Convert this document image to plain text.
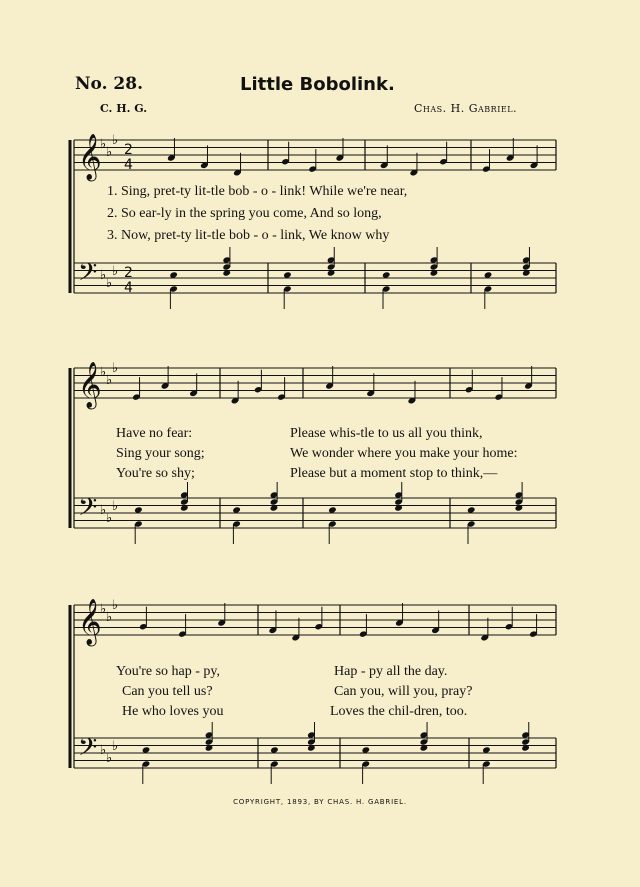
No. 28.	Little Bobolink.
C. H. G.	Chas. H. Gabriel.
𝄞
𝄢
♭
♭
♭
♭
♭
♭
2
4
2
4
𝄞
𝄢
♭
♭
♭
♭
♭
♭
𝄞
𝄢
♭
♭
♭
♭
♭
♭
1. Sing, pret-ty lit-tle bob - o - link! While we're near,
2. So ear-ly in the spring you come, And so long,
3. Now, pret-ty lit-tle bob - o - link, We know why
Have no fear:	Please whis-tle to us all you think,
Sing your song;	We wonder where you make your home:
You're so shy;	Please but a moment stop to think,—
You're so hap - py,	Hap - py all the day.
Can you tell us?	Can you, will you, pray?
He who loves you	Loves the chil-dren, too.
COPYRIGHT, 1893, BY CHAS. H. GABRIEL.
